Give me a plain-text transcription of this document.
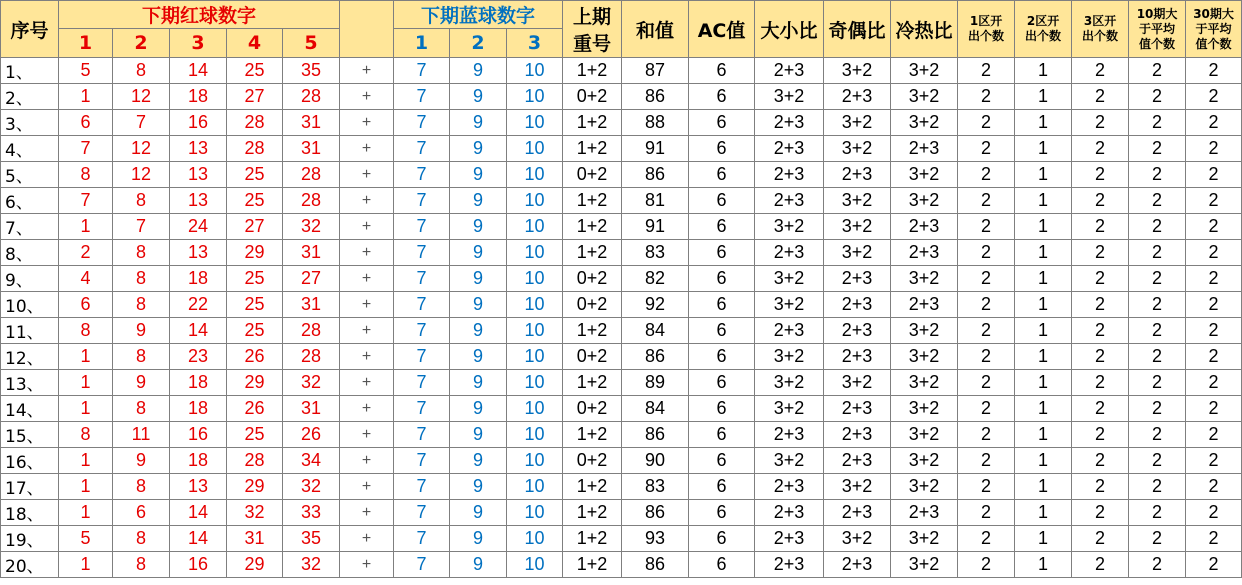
序号	下期红球数字						下期蓝球数字			上期
重号	和值	AC值	大小比	奇偶比	冷热比	1区开
出个数	2区开
出个数	3区开
出个数	10期大
于平均
值个数	30期大
于平均
值个数
	1	2	3	4	5		1	2	3											
1、	5	8	14	25	35	+	7	9	10	1+2	87	6	2+3	3+2	3+2	2	1	2	2	2
2、	1	12	18	27	28	+	7	9	10	0+2	86	6	3+2	2+3	3+2	2	1	2	2	2
3、	6	7	16	28	31	+	7	9	10	1+2	88	6	2+3	3+2	3+2	2	1	2	2	2
4、	7	12	13	28	31	+	7	9	10	1+2	91	6	2+3	3+2	2+3	2	1	2	2	2
5、	8	12	13	25	28	+	7	9	10	0+2	86	6	2+3	2+3	3+2	2	1	2	2	2
6、	7	8	13	25	28	+	7	9	10	1+2	81	6	2+3	3+2	3+2	2	1	2	2	2
7、	1	7	24	27	32	+	7	9	10	1+2	91	6	3+2	3+2	2+3	2	1	2	2	2
8、	2	8	13	29	31	+	7	9	10	1+2	83	6	2+3	3+2	2+3	2	1	2	2	2
9、	4	8	18	25	27	+	7	9	10	0+2	82	6	3+2	2+3	3+2	2	1	2	2	2
10、	6	8	22	25	31	+	7	9	10	0+2	92	6	3+2	2+3	2+3	2	1	2	2	2
11、	8	9	14	25	28	+	7	9	10	1+2	84	6	2+3	2+3	3+2	2	1	2	2	2
12、	1	8	23	26	28	+	7	9	10	0+2	86	6	3+2	2+3	3+2	2	1	2	2	2
13、	1	9	18	29	32	+	7	9	10	1+2	89	6	3+2	3+2	3+2	2	1	2	2	2
14、	1	8	18	26	31	+	7	9	10	0+2	84	6	3+2	2+3	3+2	2	1	2	2	2
15、	8	11	16	25	26	+	7	9	10	1+2	86	6	2+3	2+3	3+2	2	1	2	2	2
16、	1	9	18	28	34	+	7	9	10	0+2	90	6	3+2	2+3	3+2	2	1	2	2	2
17、	1	8	13	29	32	+	7	9	10	1+2	83	6	2+3	3+2	3+2	2	1	2	2	2
18、	1	6	14	32	33	+	7	9	10	1+2	86	6	2+3	2+3	2+3	2	1	2	2	2
19、	5	8	14	31	35	+	7	9	10	1+2	93	6	2+3	3+2	3+2	2	1	2	2	2
20、	1	8	16	29	32	+	7	9	10	1+2	86	6	2+3	2+3	3+2	2	1	2	2	2
